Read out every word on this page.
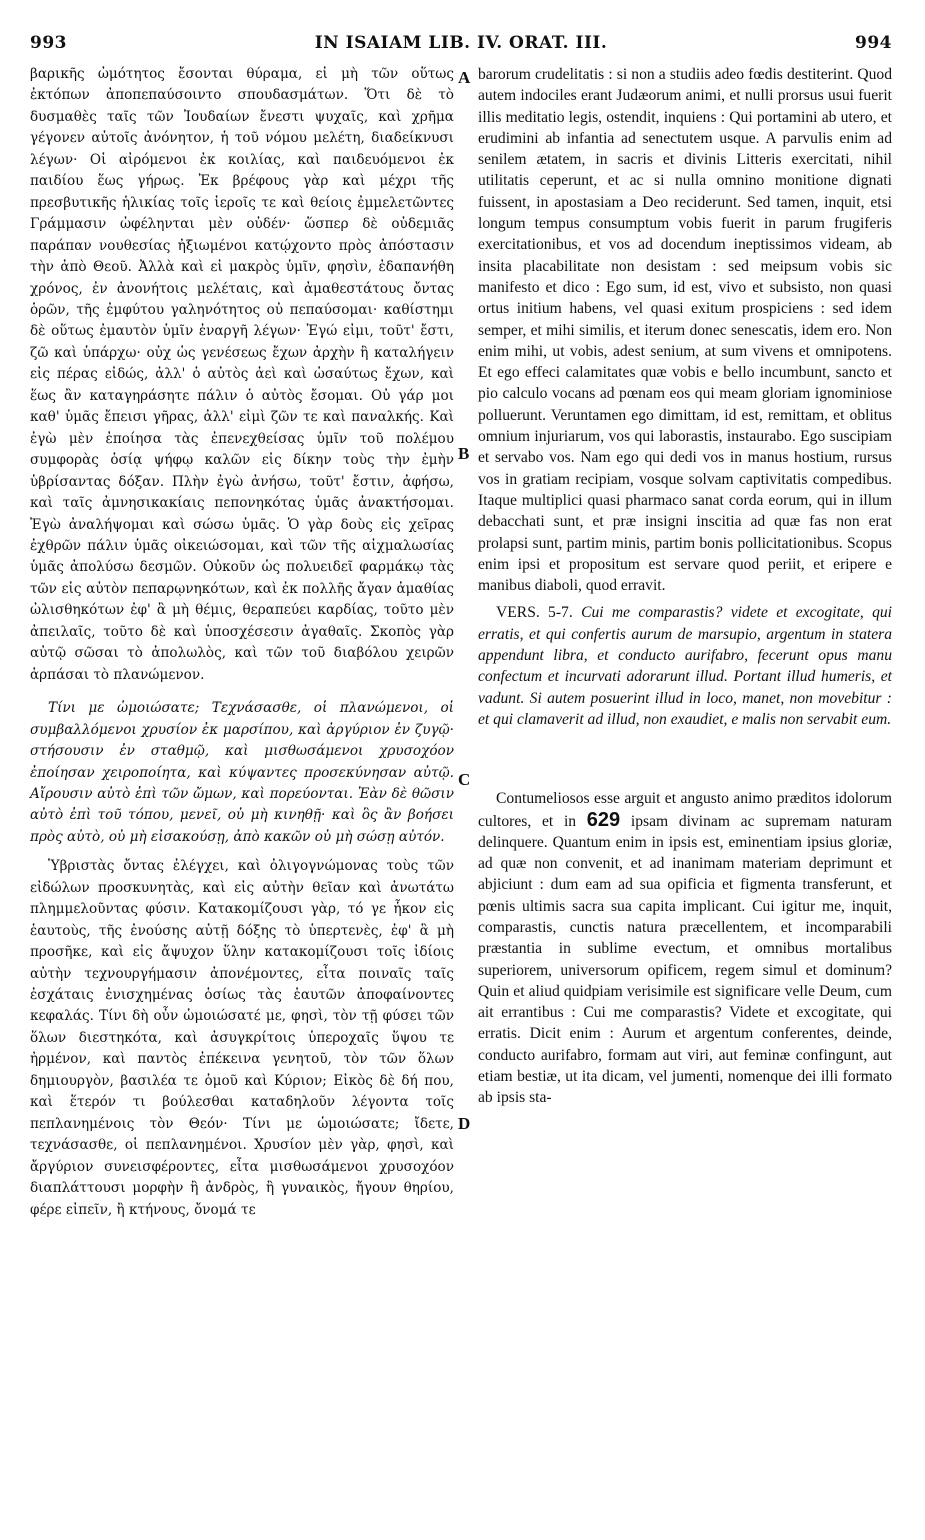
993	IN ISAIAM LIB. IV. ORAT. III.	994

βαρικῆς ὠμότητος ἔσονται θύραμα, εἰ μὴ τῶν οὕτως ἐκτόπων ἀποπεπαύσοιντο σπουδασμάτων. Ὅτι δὲ τὸ δυσμαθὲς ταῖς τῶν Ἰουδαίων ἔνεστι ψυχαῖς, καὶ χρῆμα γέγονεν αὐτοῖς ἀνόνητον, ἡ τοῦ νόμου μελέτη, διαδείκνυσι λέγων· Οἱ αἰρόμενοι ἐκ κοιλίας, καὶ παιδευόμενοι ἐκ παιδίου ἕως γήρως. Ἐκ βρέφους γὰρ καὶ μέχρι τῆς πρεσβυτικῆς ἡλικίας τοῖς ἱεροῖς τε καὶ θείοις ἐμμελετῶντες Γράμμασιν ὠφέληνται μὲν οὐδέν· ὥσπερ δὲ οὐδεμιᾶς παράπαν νουθεσίας ἠξιωμένοι κατῴχοντο πρὸς ἀπόστασιν τὴν ἀπὸ Θεοῦ. Ἀλλὰ καὶ εἰ μακρὸς ὑμῖν, φησὶν, ἐδαπανήθη χρόνος, ἐν ἀνονήτοις μελέταις, καὶ ἀμαθεστάτους ὄντας ὁρῶν, τῆς ἐμφύτου γαληνότητος οὐ πεπαύσομαι· καθίστημι δὲ οὕτως ἐμαυτὸν ὑμῖν ἐναργῆ λέγων· Ἐγώ εἰμι, τοῦτ' ἔστι, ζῶ καὶ ὑπάρχω· οὐχ ὡς γενέσεως ἔχων ἀρχὴν ἢ καταλήγειν εἰς πέρας εἰδώς, ἀλλ' ὁ αὐτὸς ἀεὶ καὶ ὡσαύτως ἔχων, καὶ ἕως ἂν καταγηράσητε πάλιν ὁ αὐτὸς ἔσομαι. Οὐ γάρ μοι καθ' ὑμᾶς ἔπεισι γῆρας, ἀλλ' εἰμὶ ζῶν τε καὶ παναλκής. Καὶ ἐγὼ μὲν ἐποίησα τὰς ἐπενεχθείσας ὑμῖν τοῦ πολέμου συμφορὰς ὁσίᾳ ψήφῳ καλῶν εἰς δίκην τοὺς τὴν ἐμὴν ὑβρίσαντας δόξαν. Πλὴν ἐγὼ ἀνήσω, τοῦτ' ἔστιν, ἀφήσω, καὶ ταῖς ἀμνησικακίαις πεπονηκότας ὑμᾶς ἀνακτήσομαι. Ἐγὼ ἀναλήψομαι καὶ σώσω ὑμᾶς. Ὁ γὰρ δοὺς εἰς χεῖρας ἐχθρῶν πάλιν ὑμᾶς οἰκειώσομαι, καὶ τῶν τῆς αἰχμαλωσίας ὑμᾶς ἀπολύσω δεσμῶν. Οὐκοῦν ὡς πολυειδεῖ φαρμάκῳ τὰς τῶν εἰς αὐτὸν πεπαρῳνηκότων, καὶ ἐκ πολλῆς ἄγαν ἀμαθίας ὠλισθηκότων ἐφ' ἃ μὴ θέμις, θεραπεύει καρδίας, τοῦτο μὲν ἀπειλαῖς, τοῦτο δὲ καὶ ὑποσχέσεσιν ἀγαθαῖς. Σκοπὸς γὰρ αὐτῷ σῶσαι τὸ ἀπολωλὸς, καὶ τῶν τοῦ διαβόλου χειρῶν ἁρπάσαι τὸ πλανώμενον.

Τίνι με ὡμοιώσατε; Τεχνάσασθε, οἱ πλανώμενοι, οἱ συμβαλλόμενοι χρυσίον ἐκ μαρσίπου, καὶ ἀργύριον ἐν ζυγῷ· στήσουσιν ἐν σταθμῷ, καὶ μισθωσάμενοι χρυσοχόον ἐποίησαν χειροποίητα, καὶ κύψαντες προσεκύνησαν αὐτῷ. Αἴρουσιν αὐτὸ ἐπὶ τῶν ὤμων, καὶ πορεύονται. Ἐὰν δὲ θῶσιν αὐτὸ ἐπὶ τοῦ τόπου, μενεῖ, οὐ μὴ κινηθῇ· καὶ ὃς ἂν βοήσει πρὸς αὐτὸ, οὐ μὴ εἰσακούσῃ, ἀπὸ κακῶν οὐ μὴ σώσῃ αὐτόν.

Ὑβριστὰς ὄντας ἐλέγχει, καὶ ὀλιγογνώμονας τοὺς τῶν εἰδώλων προσκυνητὰς, καὶ εἰς αὐτὴν θεῖαν καὶ ἀνωτάτω πλημμελοῦντας φύσιν. Κατακομίζουσι γὰρ, τό γε ἧκον εἰς ἑαυτοὺς, τῆς ἐνούσης αὐτῇ δόξης τὸ ὑπερτενὲς, ἐφ' ἃ μὴ προσῆκε, καὶ εἰς ἄψυχον ὕλην κατακομίζουσι τοῖς ἰδίοις αὐτὴν τεχνουργήμασιν ἀπονέμοντες, εἶτα ποιναῖς ταῖς ἐσχάταις ἐνισχημένας ὁσίως τὰς ἑαυτῶν ἀποφαίνοντες κεφαλάς. Τίνι δὴ οὖν ὡμοιώσατέ με, φησὶ, τὸν τῇ φύσει τῶν ὅλων διεστηκότα, καὶ ἀσυγκρίτοις ὑπεροχαῖς ὕψου τε ἠρμένον, καὶ παντὸς ἐπέκεινα γενητοῦ, τὸν τῶν ὅλων δημιουργὸν, βασιλέα τε ὁμοῦ καὶ Κύριον; Εἰκὸς δὲ δή που, καὶ ἕτερόν τι βούλεσθαι καταδηλοῦν λέγοντα τοῖς πεπλανημένοις τὸν Θεόν· Τίνι με ὡμοιώσατε; ἴδετε, τεχνάσασθε, οἱ πεπλανημένοι. Χρυσίον μὲν γὰρ, φησὶ, καὶ ἄργύριον συνεισφέροντες, εἶτα μισθωσάμενοι χρυσοχόον διαπλάττουσι μορφὴν ἢ ἀνδρὸς, ἢ γυναικὸς, ἤγουν θηρίου, φέρε εἰπεῖν, ἢ κτήνους, ὄνομά τε

A
B
C
D

barorum crudelitatis : si non a studiis adeo fœdis destiterint. Quod autem indociles erant Judæorum animi, et nulli prorsus usui fuerit illis meditatio legis, ostendit, inquiens : Qui portamini ab utero, et erudimini ab infantia ad senectutem usque. A parvulis enim ad senilem ætatem, in sacris et divinis Litteris exercitati, nihil utilitatis ceperunt, et ac si nulla omnino monitione dignati fuissent, in apostasiam a Deo reciderunt. Sed tamen, inquit, etsi longum tempus consumptum vobis fuerit in parum frugiferis exercitationibus, et vos ad docendum ineptissimos videam, ab insita placabilitate non desistam : sed meipsum vobis sic manifesto et dico : Ego sum, id est, vivo et subsisto, non quasi ortus initium habens, vel quasi exitum prospiciens : sed idem semper, et mihi similis, et iterum donec senescatis, idem ero. Non enim mihi, ut vobis, adest senium, at sum vivens et omnipotens. Et ego effeci calamitates quæ vobis e bello incumbunt, sancto et pio calculo vocans ad pœnam eos qui meam gloriam ignominiose polluerunt. Veruntamen ego dimittam, id est, remittam, et oblitus omnium injuriarum, vos qui laborastis, instaurabo. Ego suscipiam et servabo vos. Nam ego qui dedi vos in manus hostium, rursus vos in gratiam recipiam, vosque solvam captivitatis compedibus. Itaque multiplici quasi pharmaco sanat corda eorum, qui in illum debacchati sunt, et præ insigni inscitia ad quæ fas non erat prolapsi sunt, partim minis, partim bonis pollicitationibus. Scopus enim ipsi et propositum est servare quod periit, et eripere e manibus diaboli, quod erravit.

VERS. 5-7. Cui me comparastis? videte et excogitate, qui erratis, et qui confertis aurum de marsupio, argentum in statera appendunt libra, et conducto aurifabro, fecerunt opus manu confectum et incurvati adorarunt illud. Portant illud humeris, et vadunt. Si autem posuerint illud in loco, manet, non movebitur : et qui clamaverit ad illud, non exaudiet, e malis non servabit eum.

Contumeliosos esse arguit et angusto animo præditos idolorum cultores, et in 629 ipsam divinam ac supremam naturam delinquere. Quantum enim in ipsis est, eminentiam ipsius gloriæ, ad quæ non convenit, et ad inanimam materiam deprimunt et abjiciunt : dum eam ad sua opificia et figmenta transferunt, et pœnis ultimis sacra sua capita implicant. Cui igitur me, inquit, comparastis, cunctis natura præcellentem, et incomparabili præstantia in sublime evectum, et omnibus mortalibus superiorem, universorum opificem, regem simul et dominum? Quin et aliud quidpiam verisimile est significare velle Deum, cum ait errantibus : Cui me comparastis? Videte et excogitate, qui erratis. Dicit enim : Aurum et argentum conferentes, deinde, conducto aurifabro, formam aut viri, aut feminæ confingunt, aut etiam bestiæ, ut ita dicam, vel jumenti, nomenque dei illi formato ab ipsis sta-
